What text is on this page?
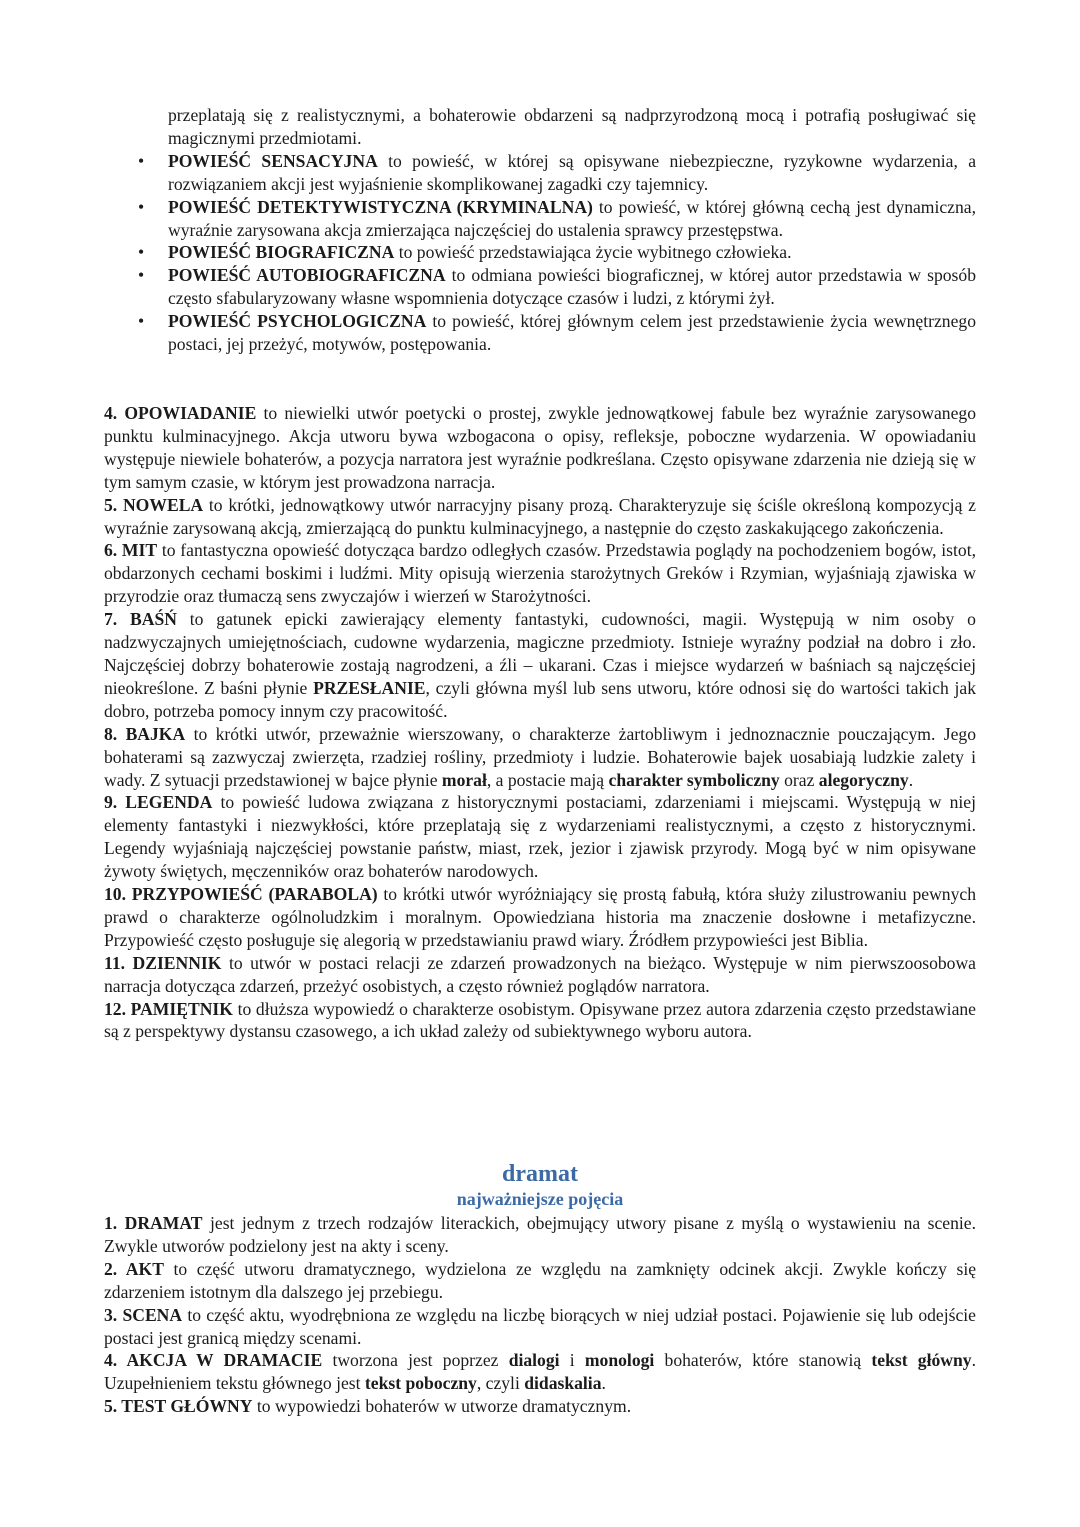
przeplatają się z realistycznymi, a bohaterowie obdarzeni są nadprzyrodzoną mocą i potrafią posługiwać się magicznymi przedmiotami.

• POWIEŚĆ SENSACYJNA to powieść, w której są opisywane niebezpieczne, ryzykowne wydarzenia, a rozwiązaniem akcji jest wyjaśnienie skomplikowanej zagadki czy tajemnicy.
• POWIEŚĆ DETEKTYWISTYCZNA (KRYMINALNA) to powieść, w której główną cechą jest dynamiczna, wyraźnie zarysowana akcja zmierzająca najczęściej do ustalenia sprawcy przestępstwa.
• POWIEŚĆ BIOGRAFICZNA to powieść przedstawiająca życie wybitnego człowieka.
• POWIEŚĆ AUTOBIOGRAFICZNA to odmiana powieści biograficznej, w której autor przedstawia w sposób często sfabularyzowany własne wspomnienia dotyczące czasów i ludzi, z którymi żył.
• POWIEŚĆ PSYCHOLOGICZNA to powieść, której głównym celem jest przedstawienie życia wewnętrznego postaci, jej przeżyć, motywów, postępowania.

4. OPOWIADANIE to niewielki utwór poetycki o prostej, zwykle jednowątkowej fabule bez wyraźnie zarysowanego punktu kulminacyjnego. Akcja utworu bywa wzbogacona o opisy, refleksje, poboczne wydarzenia. W opowiadaniu występuje niewiele bohaterów, a pozycja narratora jest wyraźnie podkreślana. Często opisywane zdarzenia nie dzieją się w tym samym czasie, w którym jest prowadzona narracja.

5. NOWELA to krótki, jednowątkowy utwór narracyjny pisany prozą. Charakteryzuje się ściśle określoną kompozycją z wyraźnie zarysowaną akcją, zmierzającą do punktu kulminacyjnego, a następnie do często zaskakującego zakończenia.

6. MIT to fantastyczna opowieść dotycząca bardzo odległych czasów. Przedstawia poglądy na pochodzeniem bogów, istot, obdarzonych cechami boskimi i ludźmi. Mity opisują wierzenia starożytnych Greków i Rzymian, wyjaśniają zjawiska w przyrodzie oraz tłumaczą sens zwyczajów i wierzeń w Starożytności.

7. BAŚŃ to gatunek epicki zawierający elementy fantastyki, cudowności, magii. Występują w nim osoby o nadzwyczajnych umiejętnościach, cudowne wydarzenia, magiczne przedmioty. Istnieje wyraźny podział na dobro i zło. Najczęściej dobrzy bohaterowie zostają nagrodzeni, a źli – ukarani. Czas i miejsce wydarzeń w baśniach są najczęściej nieokreślone. Z baśni płynie PRZESŁANIE, czyli główna myśl lub sens utworu, które odnosi się do wartości takich jak dobro, potrzeba pomocy innym czy pracowitość.

8. BAJKA to krótki utwór, przeważnie wierszowany, o charakterze żartobliwym i jednoznacznie pouczającym. Jego bohaterami są zazwyczaj zwierzęta, rzadziej rośliny, przedmioty i ludzie. Bohaterowie bajek uosabiają ludzkie zalety i wady. Z sytuacji przedstawionej w bajce płynie morał, a postacie mają charakter symboliczny oraz alegoryczny.

9. LEGENDA to powieść ludowa związana z historycznymi postaciami, zdarzeniami i miejscami. Występują w niej elementy fantastyki i niezwykłości, które przeplatają się z wydarzeniami realistycznymi, a często z historycznymi. Legendy wyjaśniają najczęściej powstanie państw, miast, rzek, jezior i zjawisk przyrody. Mogą być w nim opisywane żywoty świętych, męczenników oraz bohaterów narodowych.

10. PRZYPOWIEŚĆ (PARABOLA) to krótki utwór wyróżniający się prostą fabułą, która służy zilustrowaniu pewnych prawd o charakterze ogólnoludzkim i moralnym. Opowiedziana historia ma znaczenie dosłowne i metafizyczne. Przypowieść często posługuje się alegorią w przedstawianiu prawd wiary. Źródłem przypowieści jest Biblia.

11. DZIENNIK to utwór w postaci relacji ze zdarzeń prowadzonych na bieżąco. Występuje w nim pierwszoosobowa narracja dotycząca zdarzeń, przeżyć osobistych, a często również poglądów narratora.

12. PAMIĘTNIK to dłuższa wypowiedź o charakterze osobistym. Opisywane przez autora zdarzenia często przedstawiane są z perspektywy dystansu czasowego, a ich układ zależy od subiektywnego wyboru autora.

dramat
najważniejsze pojęcia

1. DRAMAT jest jednym z trzech rodzajów literackich, obejmujący utwory pisane z myślą o wystawieniu na scenie. Zwykle utworów podzielony jest na akty i sceny.

2. AKT to część utworu dramatycznego, wydzielona ze względu na zamknięty odcinek akcji. Zwykle kończy się zdarzeniem istotnym dla dalszego jej przebiegu.

3. SCENA to część aktu, wyodrębniona ze względu na liczbę biorących w niej udział postaci. Pojawienie się lub odejście postaci jest granicą między scenami.

4. AKCJA W DRAMACIE tworzona jest poprzez dialogi i monologi bohaterów, które stanowią tekst główny. Uzupełnieniem tekstu głównego jest tekst poboczny, czyli didaskalia.

5. TEST GŁÓWNY to wypowiedzi bohaterów w utworze dramatycznym.
